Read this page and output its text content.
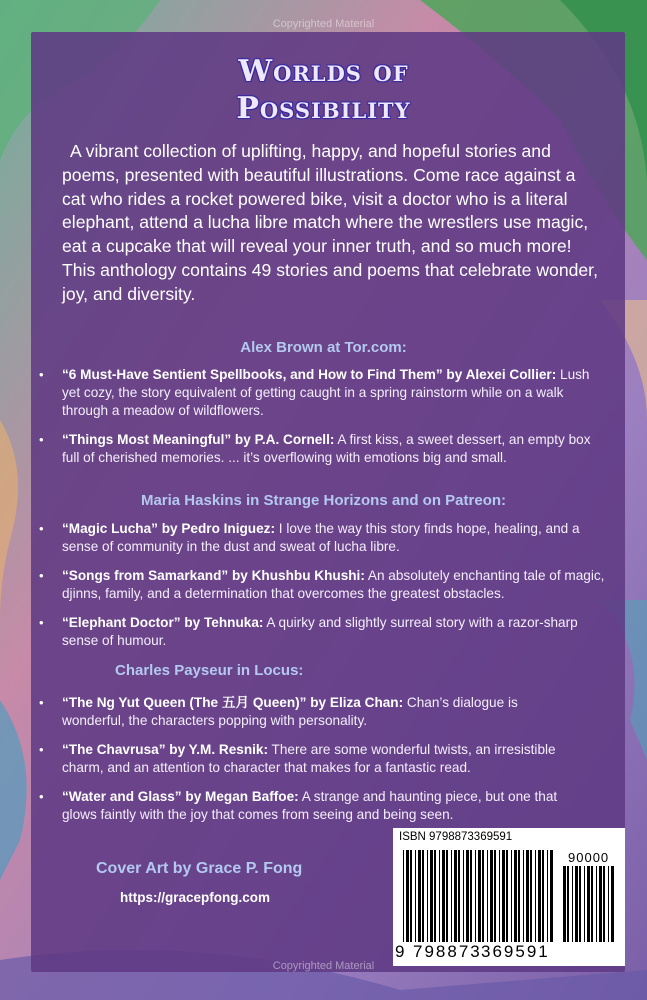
Copyrighted Material
Worlds of
Possibility
A vibrant collection of uplifting, happy, and hopeful stories and poems, presented with beautiful illustrations. Come race against a cat who rides a rocket powered bike, visit a doctor who is a literal elephant, attend a lucha libre match where the wrestlers use magic, eat a cupcake that will reveal your inner truth, and so much more! This anthology contains 49 stories and poems that celebrate wonder, joy, and diversity.
Alex Brown at Tor.com:
• “6 Must-Have Sentient Spellbooks, and How to Find Them” by Alexei Collier: Lush yet cozy, the story equivalent of getting caught in a spring rainstorm while on a walk through a meadow of wildflowers.
• “Things Most Meaningful” by P.A. Cornell: A first kiss, a sweet dessert, an empty box full of cherished memories. ... it’s overflowing with emotions big and small.
Maria Haskins in Strange Horizons and on Patreon:
• “Magic Lucha” by Pedro Iniguez: I love the way this story finds hope, healing, and a sense of community in the dust and sweat of lucha libre.
• “Songs from Samarkand” by Khushbu Khushi: An absolutely enchanting tale of magic, djinns, family, and a determination that overcomes the greatest obstacles.
• “Elephant Doctor” by Tehnuka: A quirky and slightly surreal story with a razor-sharp sense of humour.
Charles Payseur in Locus:
• “The Ng Yut Queen (The 五月 Queen)” by Eliza Chan: Chan’s dialogue is wonderful, the characters popping with personality.
• “The Chavrusa” by Y.M. Resnik: There are some wonderful twists, an irresistible charm, and an attention to character that makes for a fantastic read.
• “Water and Glass” by Megan Baffoe: A strange and haunting piece, but one that glows faintly with the joy that comes from seeing and being seen.
Cover Art by Grace P. Fong
https://gracepfong.com
ISBN 9798873369591
90000
9 798873 369591
Copyrighted Material
